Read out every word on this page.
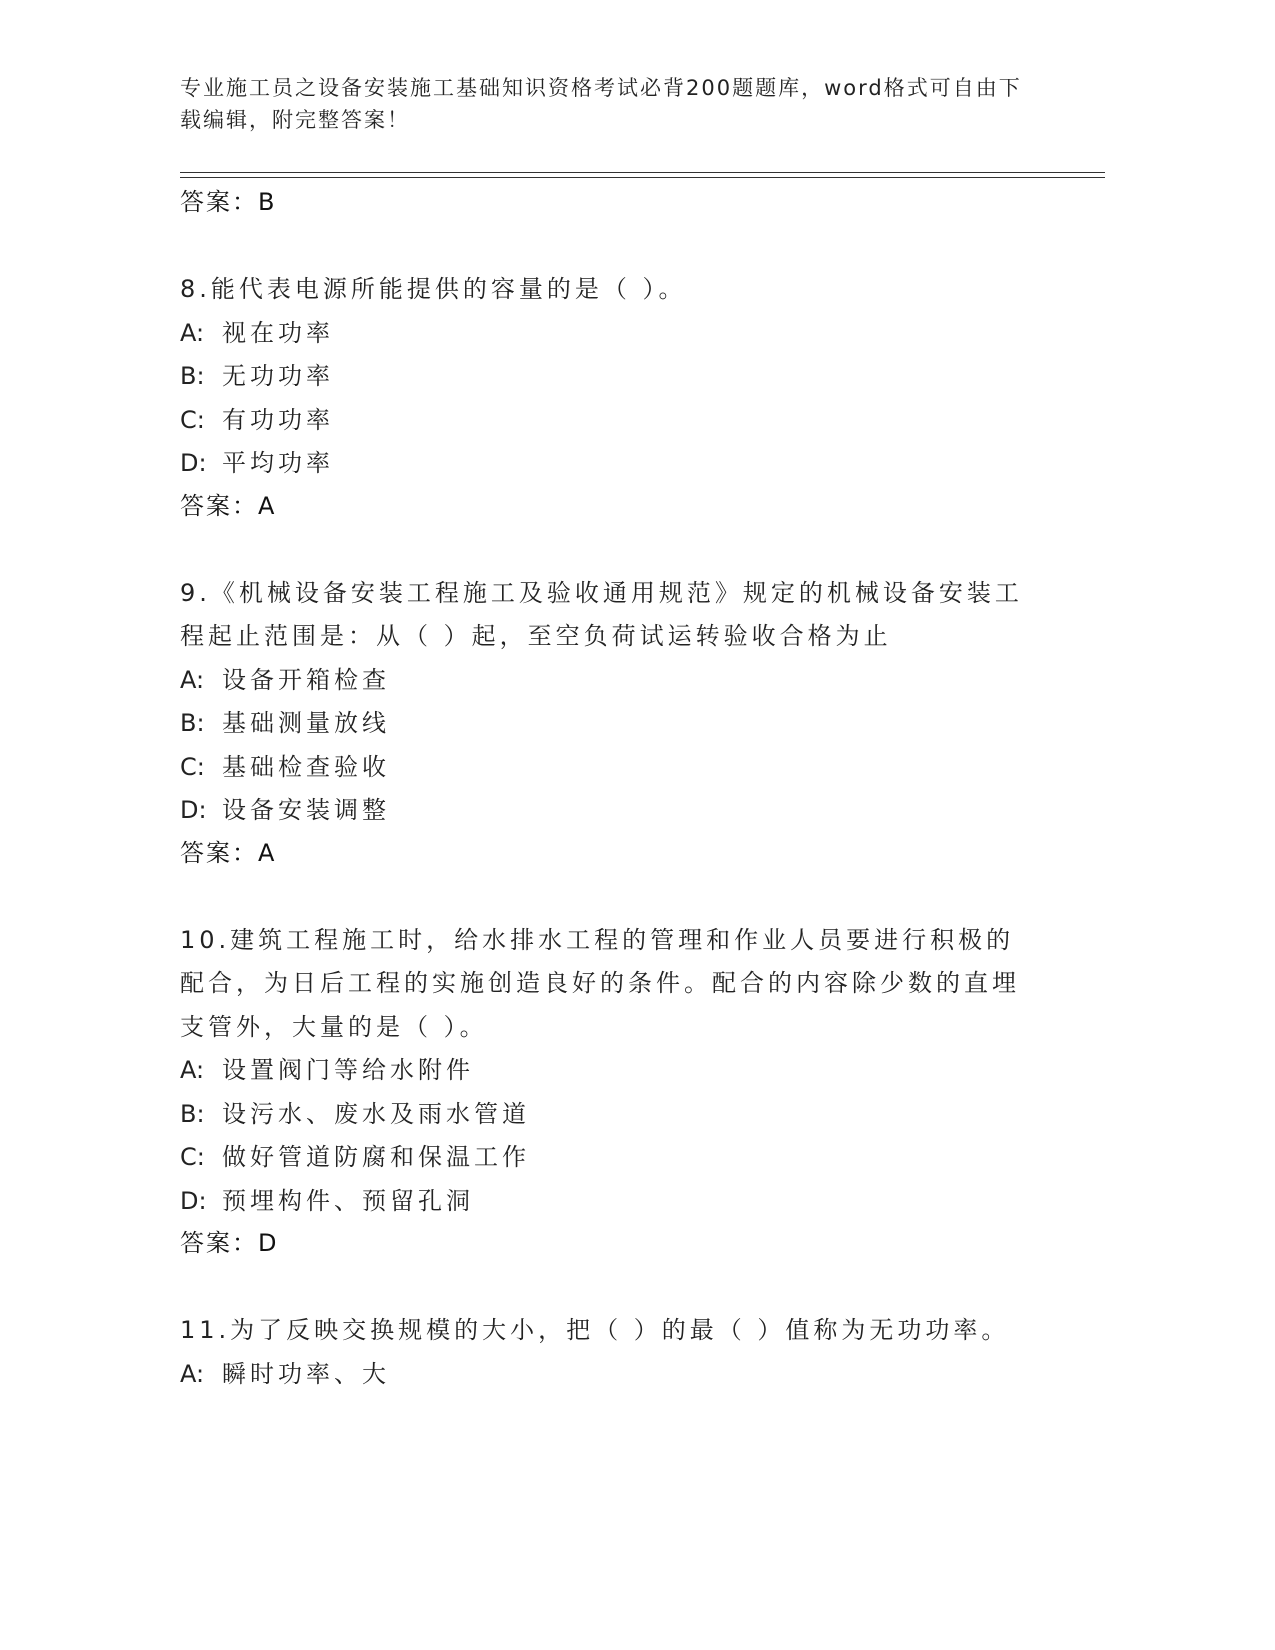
专业施工员之设备安装施工基础知识资格考试必背200题题库，word格式可自由下载编辑，附完整答案！
答案：B
8.能代表电源所能提供的容量的是（ ）。
A: 视在功率
B: 无功功率
C: 有功功率
D: 平均功率
答案：A
9.《机械设备安装工程施工及验收通用规范》规定的机械设备安装工程起止范围是：从（ ）起，至空负荷试运转验收合格为止
A: 设备开箱检查
B: 基础测量放线
C: 基础检查验收
D: 设备安装调整
答案：A
10.建筑工程施工时，给水排水工程的管理和作业人员要进行积极的配合，为日后工程的实施创造良好的条件。配合的内容除少数的直埋支管外，大量的是（ ）。
A: 设置阀门等给水附件
B: 设污水、废水及雨水管道
C: 做好管道防腐和保温工作
D: 预埋构件、预留孔洞
答案：D
11.为了反映交换规模的大小，把（ ）的最（ ）值称为无功功率。
A: 瞬时功率、大
